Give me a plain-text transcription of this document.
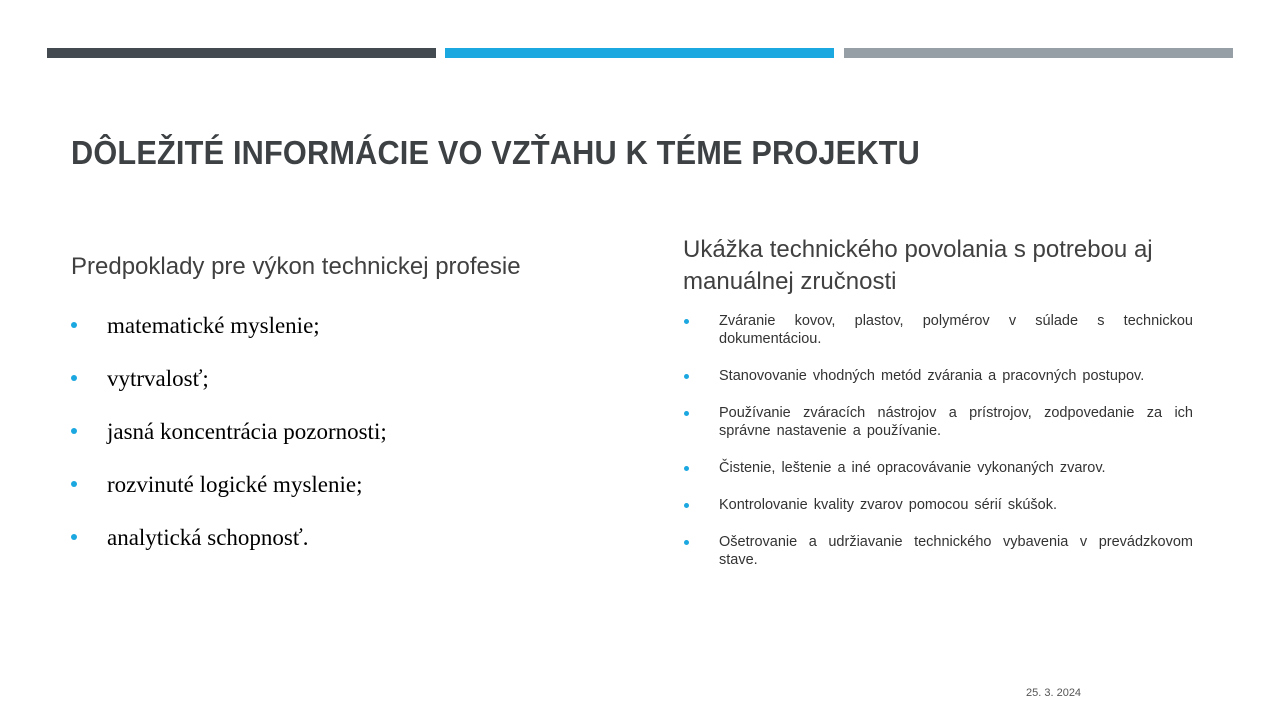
DÔLEŽITÉ INFORMÁCIE VO VZŤAHU K TÉME PROJEKTU
Predpoklady pre výkon technickej profesie
matematické myslenie;
vytrvalosť;
jasná koncentrácia pozornosti;
rozvinuté logické myslenie;
analytická schopnosť.
Ukážka technického povolania s potrebou aj manuálnej zručnosti
Zváranie kovov, plastov, polymérov v súlade s technickou dokumentáciou.
Stanovovanie vhodných metód zvárania a pracovných postupov.
Používanie zváracích nástrojov a prístrojov, zodpovedanie za ich správne nastavenie a používanie.
Čistenie, leštenie a iné opracovávanie vykonaných zvarov.
Kontrolovanie kvality zvarov pomocou sérií skúšok.
Ošetrovanie a udržiavanie technického vybavenia v prevádzkovom stave.
25. 3. 2024
